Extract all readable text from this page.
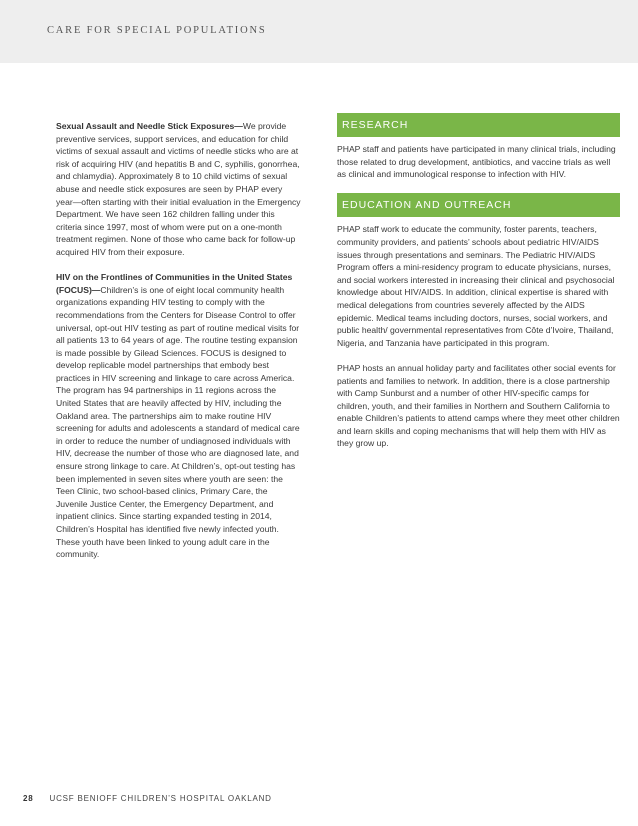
CARE FOR SPECIAL POPULATIONS

Sexual Assault and Needle Stick Exposures—We provide preventive services, support services, and education for child victims of sexual assault and victims of needle sticks who are at risk of acquiring HIV (and hepatitis B and C, syphilis, gonorrhea, and chlamydia). Approximately 8 to 10 child victims of sexual abuse and needle stick exposures are seen by PHAP every year—often starting with their initial evaluation in the Emergency Department. We have seen 162 children falling under this criteria since 1997, most of whom were put on a one-month treatment regimen. None of those who came back for follow-up acquired HIV from their exposure.

HIV on the Frontlines of Communities in the United States (FOCUS)—Children’s is one of eight local community health organizations expanding HIV testing to comply with the recommendations from the Centers for Disease Control to offer universal, opt-out HIV testing as part of routine medical visits for all patients 13 to 64 years of age. The routine testing expansion is made possible by Gilead Sciences. FOCUS is designed to develop replicable model partnerships that embody best practices in HIV screening and linkage to care across America. The program has 94 partnerships in 11 regions across the United States that are heavily affected by HIV, including the Oakland area. The partnerships aim to make routine HIV screening for adults and adolescents a standard of medical care in order to reduce the number of undiagnosed individuals with HIV, decrease the number of those who are diagnosed late, and ensure strong linkage to care. At Children’s, opt-out testing has been implemented in seven sites where youth are seen: the Teen Clinic, two school-based clinics, Primary Care, the Juvenile Justice Center, the Emergency Department, and inpatient clinics. Since starting expanded testing in 2014, Children’s Hospital has identified five newly infected youth. These youth have been linked to young adult care in the community.

RESEARCH

PHAP staff and patients have participated in many clinical trials, including those related to drug development, antibiotics, and vaccine trials as well as clinical and immunological response to infection with HIV.

EDUCATION AND OUTREACH

PHAP staff work to educate the community, foster parents, teachers, community providers, and patients’ schools about pediatric HIV/AIDS issues through presentations and seminars. The Pediatric HIV/AIDS Program offers a mini-residency program to educate physicians, nurses, and social workers interested in increasing their clinical and psychosocial knowledge about HIV/AIDS. In addition, clinical expertise is shared with medical delegations from countries severely affected by the AIDS epidemic. Medical teams including doctors, nurses, social workers, and public health/ governmental representatives from Côte d’Ivoire, Thailand, Nigeria, and Tanzania have participated in this program.

PHAP hosts an annual holiday party and facilitates other social events for patients and families to network. In addition, there is a close partnership with Camp Sunburst and a number of other HIV-specific camps for children, youth, and their families in Northern and Southern California to enable Children’s patients to attend camps where they meet other children and learn skills and coping mechanisms that will help them with HIV as they grow up.

28 UCSF BENIOFF CHILDREN’S HOSPITAL OAKLAND
